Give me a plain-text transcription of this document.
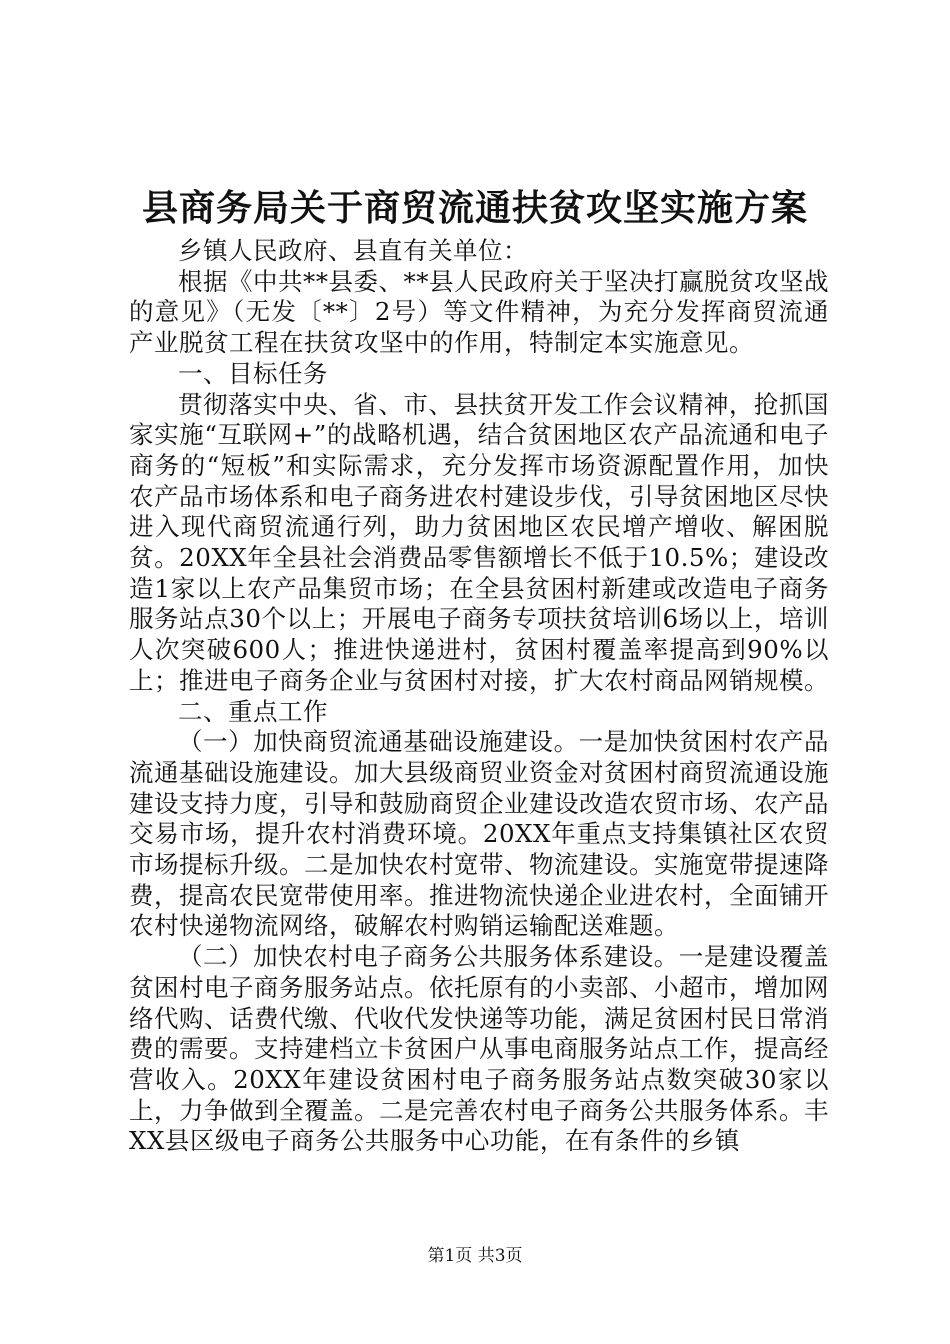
县商务局关于商贸流通扶贫攻坚实施方案

乡镇人民政府、县直有关单位：

根据《中共**县委、**县人民政府关于坚决打赢脱贫攻坚战的意见》（无发〔**〕2号）等文件精神，为充分发挥商贸流通产业脱贫工程在扶贫攻坚中的作用，特制定本实施意见。

一、目标任务

贯彻落实中央、省、市、县扶贫开发工作会议精神，抢抓国家实施“互联网+”的战略机遇，结合贫困地区农产品流通和电子商务的“短板”和实际需求，充分发挥市场资源配置作用，加快农产品市场体系和电子商务进农村建设步伐，引导贫困地区尽快进入现代商贸流通行列，助力贫困地区农民增产增收、解困脱贫。20XX年全县社会消费品零售额增长不低于10.5%；建设改造1家以上农产品集贸市场；在全县贫困村新建或改造电子商务服务站点30个以上；开展电子商务专项扶贫培训6场以上，培训人次突破600人；推进快递进村，贫困村覆盖率提高到90%以上；推进电子商务企业与贫困村对接，扩大农村商品网销规模。

二、重点工作

（一）加快商贸流通基础设施建设。一是加快贫困村农产品流通基础设施建设。加大县级商贸业资金对贫困村商贸流通设施建设支持力度，引导和鼓励商贸企业建设改造农贸市场、农产品交易市场，提升农村消费环境。20XX年重点支持集镇社区农贸市场提标升级。二是加快农村宽带、物流建设。实施宽带提速降费，提高农民宽带使用率。推进物流快递企业进农村，全面铺开农村快递物流网络，破解农村购销运输配送难题。

（二）加快农村电子商务公共服务体系建设。一是建设覆盖贫困村电子商务服务站点。依托原有的小卖部、小超市，增加网络代购、话费代缴、代收代发快递等功能，满足贫困村民日常消费的需要。支持建档立卡贫困户从事电商服务站点工作，提高经营收入。20XX年建设贫困村电子商务服务站点数突破30家以上，力争做到全覆盖。二是完善农村电子商务公共服务体系。丰XX县区级电子商务公共服务中心功能，在有条件的乡镇

第1页 共3页
